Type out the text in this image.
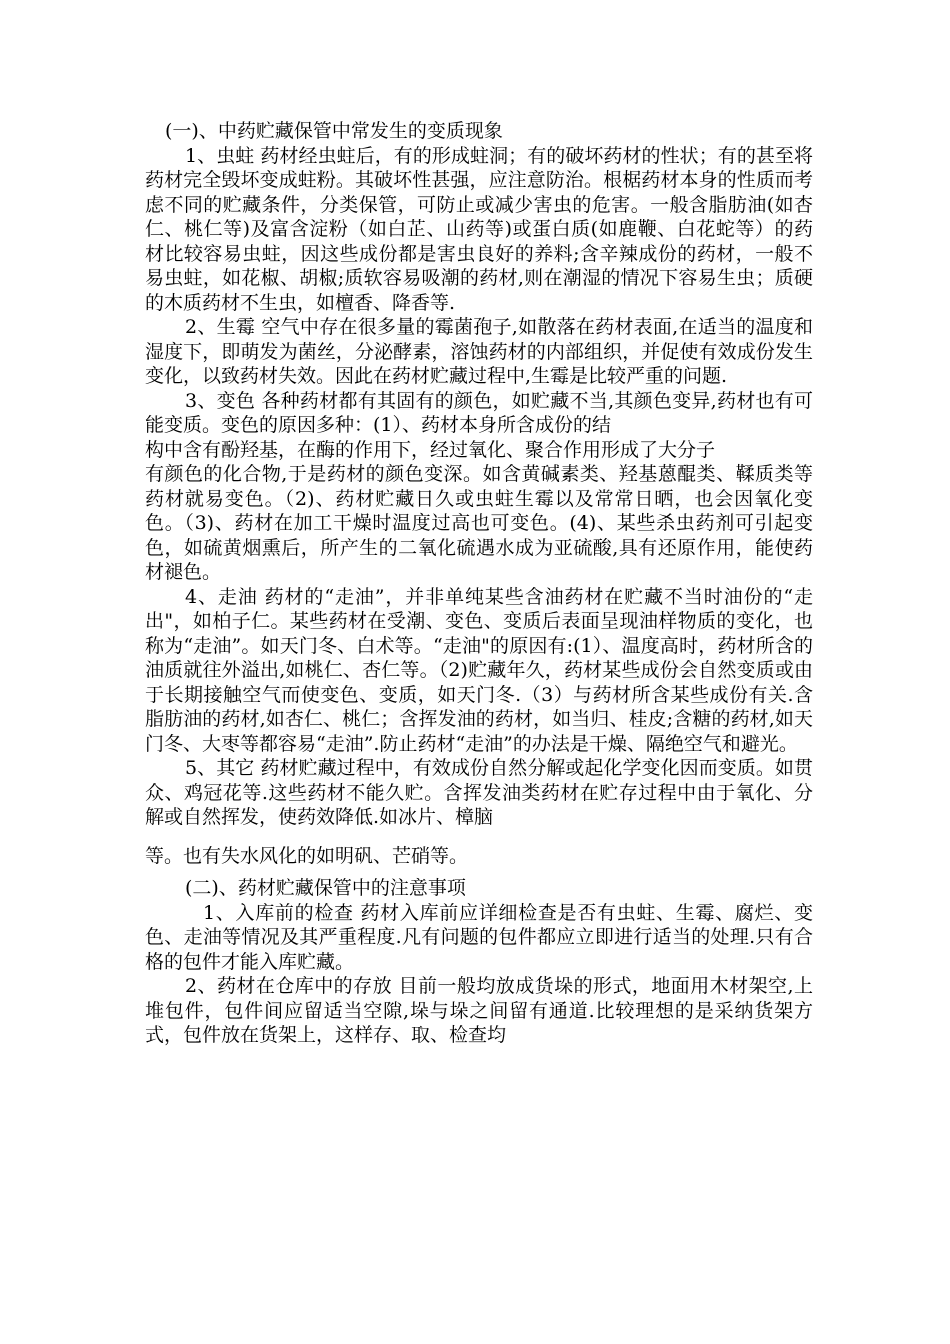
(一)、中药贮藏保管中常发生的变质现象

1、虫蛀 药材经虫蛀后，有的形成蛀洞；有的破坏药材的性状；有的甚至将药材完全毁坏变成蛀粉。其破坏性甚强，应注意防治。根椐药材本身的性质而考虑不同的贮藏条件，分类保管，可防止或减少害虫的危害。一般含脂肪油(如杏仁、桃仁等)及富含淀粉（如白芷、山药等)或蛋白质(如鹿鞭、白花蛇等）的药材比较容易虫蛀，因这些成份都是害虫良好的养料;含辛辣成份的药材，一般不易虫蛀，如花椒、胡椒;质软容易吸潮的药材,则在潮湿的情况下容易生虫；质硬的木质药材不生虫，如檀香、降香等.

2、生霉 空气中存在很多量的霉菌孢子,如散落在药材表面,在适当的温度和湿度下，即萌发为菌丝，分泌酵素，溶蚀药材的内部组织，并促使有效成份发生变化，以致药材失效。因此在药材贮藏过程中,生霉是比较严重的问题.

3、变色 各种药材都有其固有的颜色，如贮藏不当,其颜色变异,药材也有可能变质。变色的原因多种：(1）、药材本身所含成份的结

构中含有酚羟基，在酶的作用下，经过氧化、聚合作用形成了大分子

有颜色的化合物,于是药材的颜色变深。如含黄碱素类、羟基蒽醌类、鞣质类等药材就易变色。（2)、药材贮藏日久或虫蛀生霉以及常常日晒，也会因氧化变色。（3)、药材在加工干燥时温度过高也可变色。(4)、某些杀虫药剂可引起变色，如硫黄烟熏后，所产生的二氧化硫遇水成为亚硫酸,具有还原作用，能使药材褪色。

4、走油 药材的“走油”，并非单纯某些含油药材在贮藏不当时油份的“走出"，如柏子仁。某些药材在受潮、变色、变质后表面呈现油样物质的变化，也称为“走油”。如天门冬、白术等。“走油"的原因有:(1）、温度高时，药材所含的油质就往外溢出,如桃仁、杏仁等。（2)贮藏年久，药材某些成份会自然变质或由于长期接触空气而使变色、变质，如天门冬.（3）与药材所含某些成份有关.含脂肪油的药材,如杏仁、桃仁；含挥发油的药材，如当归、桂皮;含糖的药材,如天门冬、大枣等都容易“走油”.防止药材“走油”的办法是干燥、隔绝空气和避光。

5、其它 药材贮藏过程中，有效成份自然分解或起化学变化因而变质。如贯众、鸡冠花等.这些药材不能久贮。含挥发油类药材在贮存过程中由于氧化、分解或自然挥发，使药效降低.如冰片、樟脑

等。也有失水风化的如明矾、芒硝等。

(二)、药材贮藏保管中的注意事项

1、入库前的检查 药材入库前应详细检查是否有虫蛀、生霉、腐烂、变色、走油等情况及其严重程度.凡有问题的包件都应立即进行适当的处理.只有合格的包件才能入库贮藏。

2、药材在仓库中的存放 目前一般均放成货垛的形式，地面用木材架空,上堆包件，包件间应留适当空隙,垛与垛之间留有通道.比较理想的是采纳货架方式，包件放在货架上，这样存、取、检查均
